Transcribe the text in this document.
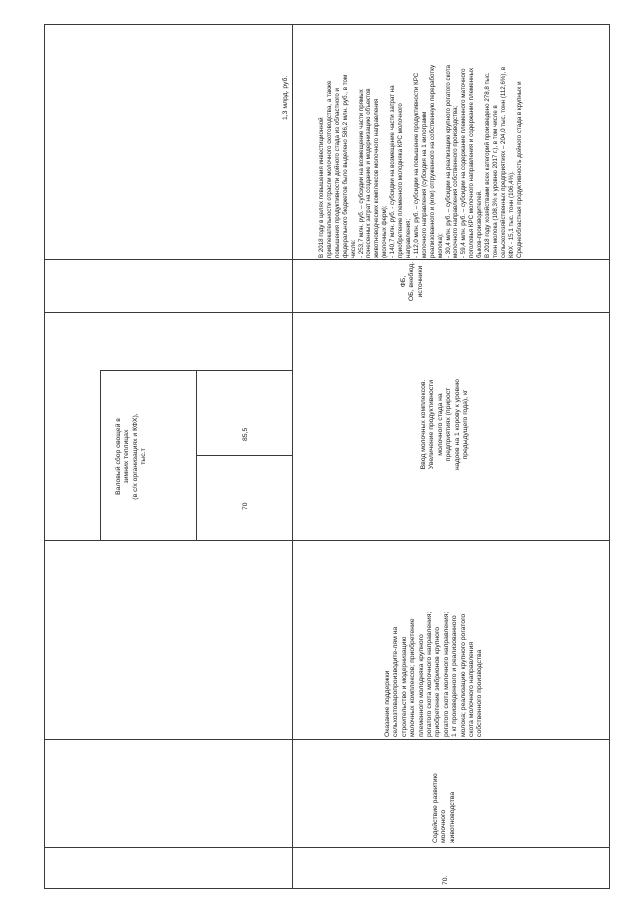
70.
Содействие развитию
молочного
животноводства
Оказание поддержки
сельхозтоваропроизводите-лям на
строительство и модернизацию
молочных комплексов; приобретение
племенного молодняка крупного
рогатого скота молочного направления;
приобретение эмбрионов крупного
рогатого скота молочного направления;
1 кг произведенного и реализованного
молока; реализацию крупного рогатого
скота молочного направления
собственного производства
Валовый сбор овощей в
зимних теплицах
(в с/х организациях и КФХ),
тыс.т
70
85,5
Ввод молочных комплексов.
Увеличение продуктивности
молочного стада на
предприятиях (прирост
надоев на 1 корову к уровню
предыдущего года), кг
ФБ,
ОБ, внебюд.
источники
1,3 млрд. руб.
В 2018 году в целях повышения инвестиционной
привлекательности отрасли молочного скотоводства, а также
повышения продуктивности дойного стада из областного и
федерального бюджетов было выделено 586,2 млн. руб., в том
числе:
- 253,7 млн. руб. – субсидии на возмещение части прямых
понесенных затрат на создание и модернизацию объектов
животноводческих комплексов молочного направления
(молочных ферм);
- 140,7 млн. руб. - субсидии на возмещение части затрат на
приобретение племенного молодняка КРС молочного
направления;
- 112,0 млн. руб. – субсидии на повышение продуктивности КРС
молочного направления (субсидия на 1 килограмм
реализованного и (или) отгруженного на собственную переработку
молока);
- 30,4 млн. руб. – субсидии на реализацию крупного рогатого скота
молочного направления собственного производства;
- 59,4 млн. руб. – субсидии на содержание племенного маточного
поголовья КРС молочного направления и содержание племенных
быков-производителей.
В 2018 году хозяйствами всех категорий произведено 278,8 тыс.
тонн молока (108,3% к уровню 2017 г.), в том числе в
сельскохозяйственных предприятиях – 204,0 тыс. тонн (112,6%), в
КФХ - 15,1 тыс. тонн (106,4%).
Среднеобластная продуктивность дойного стада в крупных и
